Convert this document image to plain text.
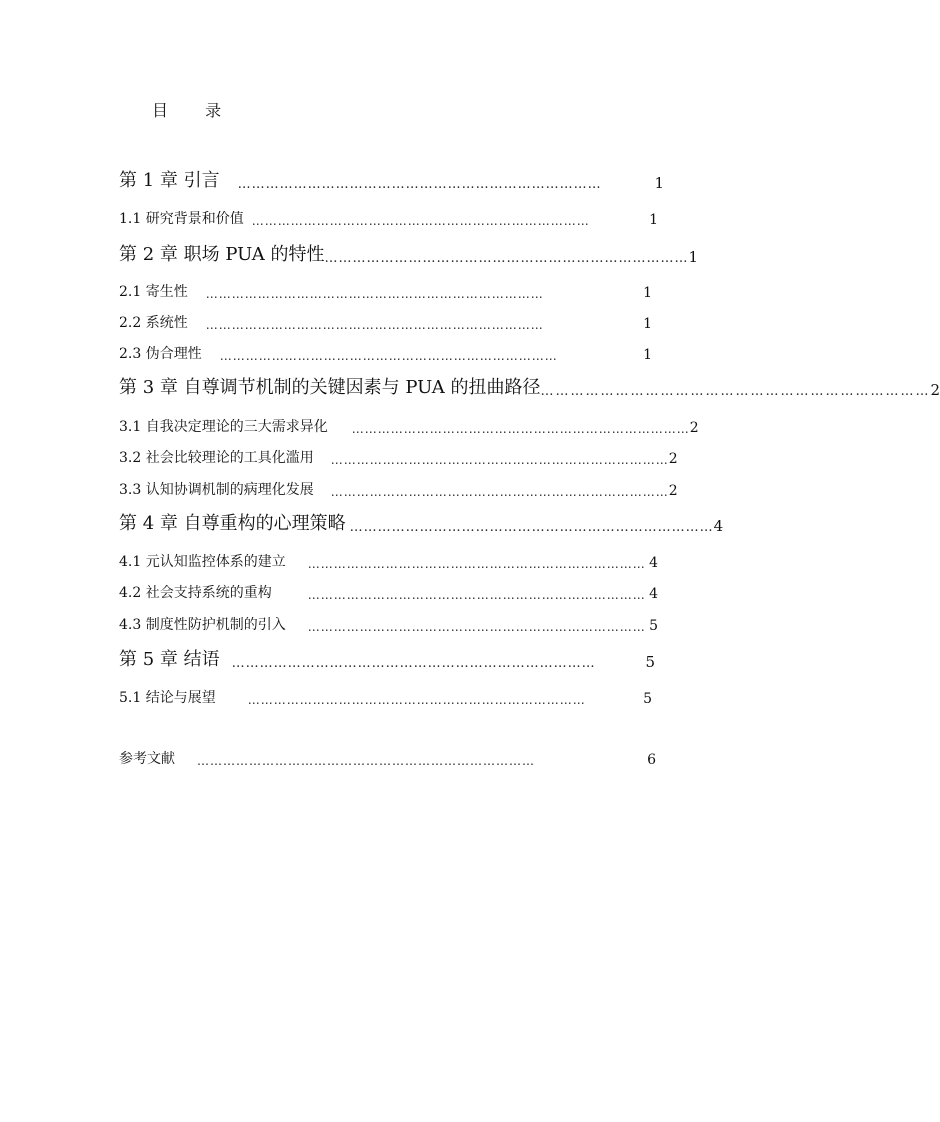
目 录
第 1 章 引言	……………………………………………………………………	1
1.1 研究背景和价值 ……………………………………………………………………	1
第 2 章 职场 PUA 的特性 …………………………………………………………………… 1
2.1 寄生性	……………………………………………………………………	1
2.2 系统性	……………………………………………………………………	1
2.3 伪合理性	……………………………………………………………………	1
第 3 章 自尊调节机制的关键因素与 PUA 的扭曲路径 …………………………………………………………………… 2
3.1 自我决定理论的三大需求异化	…………………………………………………………………… 2
3.2 社会比较理论的工具化滥用	…………………………………………………………………… 2
3.3 认知协调机制的病理化发展	…………………………………………………………………… 2
第 4 章 自尊重构的心理策略 …………………………………………………………………… 4
4.1 元认知监控体系的建立	…………………………………………………………………… 4
4.2 社会支持系统的重构	…………………………………………………………………… 4
4.3 制度性防护机制的引入	…………………………………………………………………… 5
第 5 章 结语 ……………………………………………………………………	5
5.1 结论与展望	……………………………………………………………………	5
参考文献	……………………………………………………………………	6
